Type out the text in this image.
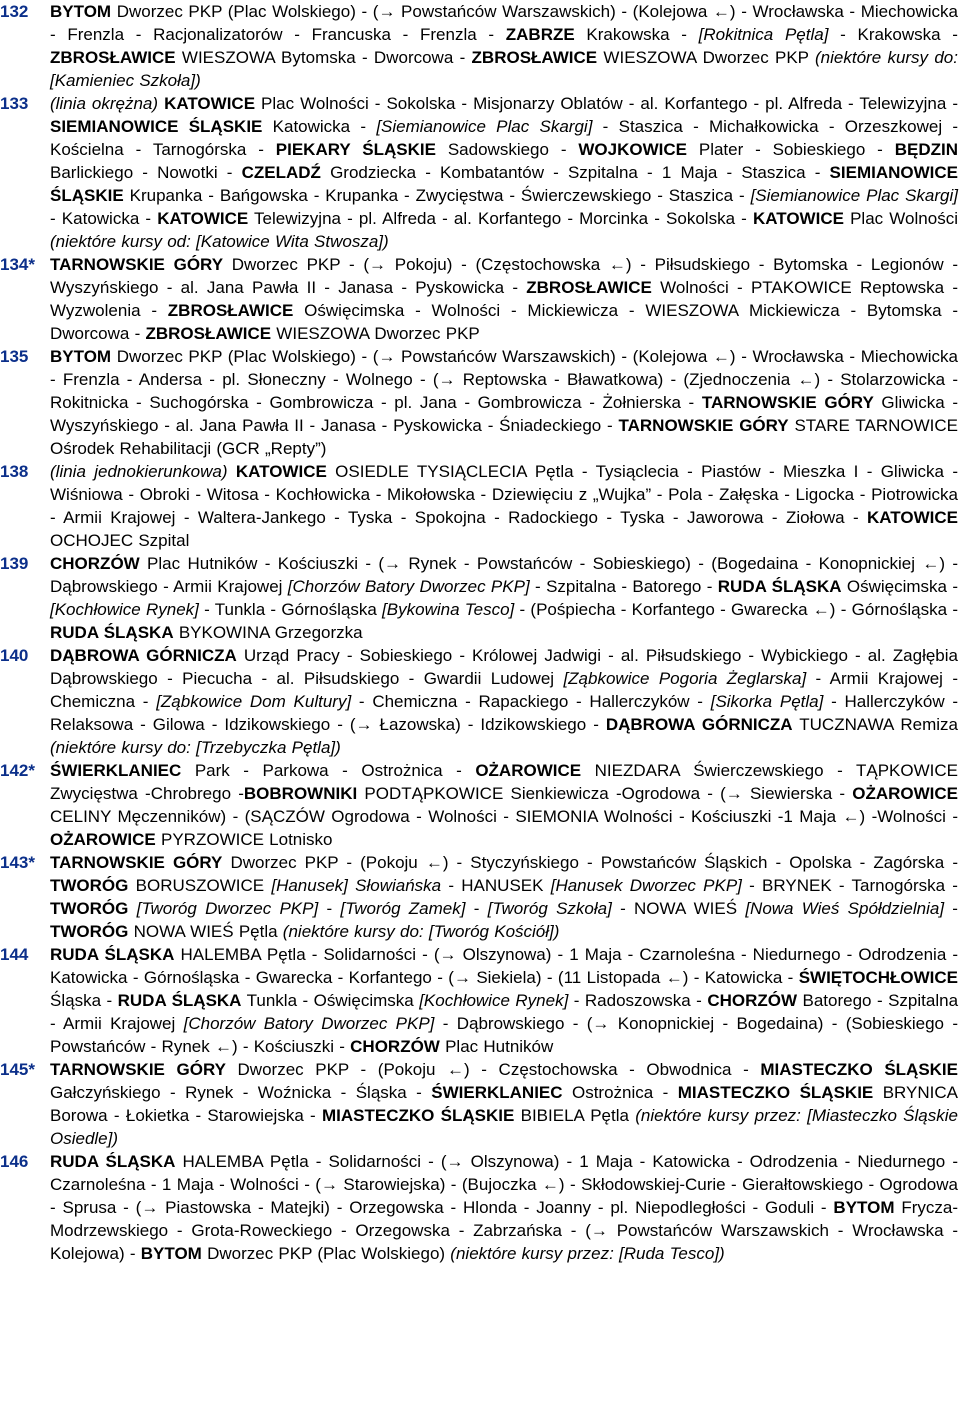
132	BYTOM Dworzec PKP (Plac Wolskiego) - (→ Powstańców Warszawskich) - (Kolejowa ←) - Wrocławska - Miechowicka - Frenzla - Racjonalizatorów - Francuska - Frenzla - ZABRZE Krakowska - [Rokitnica Pętla] - Krakowska - ZBROSŁAWICE WIESZOWA Bytomska - Dworcowa - ZBROSŁAWICE WIESZOWA Dworzec PKP (niektóre kursy do: [Kamieniec Szkoła])
133	(linia okrężna) KATOWICE Plac Wolności - Sokolska - Misjonarzy Oblatów - al. Korfantego - pl. Alfreda - Telewizyjna - SIEMIANOWICE ŚLĄSKIE Katowicka - [Siemianowice Plac Skargi] - Staszica - Michałkowicka - Orzeszkowej - Kościelna - Tarnogórska - PIEKARY ŚLĄSKIE Sadowskiego - WOJKOWICE Plater - Sobieskiego - BĘDZIN Barlickiego - Nowotki - CZELADŹ Grodziecka - Kombatantów - Szpitalna - 1 Maja - Staszica - SIEMIANOWICE ŚLĄSKIE Krupanka - Bańgowska - Krupanka - Zwycięstwa - Świerczewskiego - Staszica - [Siemianowice Plac Skargi] - Katowicka - KATOWICE Telewizyjna - pl. Alfreda - al. Korfantego - Morcinka - Sokolska - KATOWICE Plac Wolności (niektóre kursy od: [Katowice Wita Stwosza])
134* TARNOWSKIE GÓRY Dworzec PKP - (→ Pokoju) - (Częstochowska ←) - Piłsudskiego - Bytomska - Legionów - Wyszyńskiego - al. Jana Pawła II - Janasa - Pyskowicka - ZBROSŁAWICE Wolności - PTAKOWICE Reptowska - Wyzwolenia - ZBROSŁAWICE Oświęcimska - Wolności - Mickiewicza - WIESZOWA Mickiewicza - Bytomska - Dworcowa - ZBROSŁAWICE WIESZOWA Dworzec PKP
135	BYTOM Dworzec PKP (Plac Wolskiego) - (→ Powstańców Warszawskich) - (Kolejowa ←) - Wrocławska - Miechowicka - Frenzla - Andersa - pl. Słoneczny - Wolnego - (→ Reptowska - Bławatkowa) - (Zjednoczenia ←) - Stolarzowicka - Rokitnicka - Suchogórska - Gombrowicza - pl. Jana - Gombrowicza - Żołnierska - TARNOWSKIE GÓRY Gliwicka - Wyszyńskiego - al. Jana Pawła II - Janasa - Pyskowicka - Śniadeckiego - TARNOWSKIE GÓRY STARE TARNOWICE Ośrodek Rehabilitacji (GCR „Repty”)
138	(linia jednokierunkowa) KATOWICE OSIEDLE TYSIĄCLECIA Pętla - Tysiąclecia - Piastów - Mieszka I - Gliwicka - Wiśniowa - Obroki - Witosa - Kochłowicka - Mikołowska - Dziewięciu z „Wujka” - Pola - Załęska - Ligocka - Piotrowicka - Armii Krajowej - Waltera-Jankego - Tyska - Spokojna - Radockiego - Tyska - Jaworowa - Ziołowa - KATOWICE OCHOJEC Szpital
139	CHORZÓW Plac Hutników - Kościuszki - (→ Rynek - Powstańców - Sobieskiego) - (Bogedaina - Konopnickiej ←) - Dąbrowskiego - Armii Krajowej [Chorzów Batory Dworzec PKP] - Szpitalna - Batorego - RUDA ŚLĄSKA Oświęcimska - [Kochłowice Rynek] - Tunkla - Górnośląska [Bykowina Tesco] - (Pośpiecha - Korfantego - Gwarecka ←) - Górnośląska - RUDA ŚLĄSKA BYKOWINA Grzegorzka
140	DĄBROWA GÓRNICZA Urząd Pracy - Sobieskiego - Królowej Jadwigi - al. Piłsudskiego - Wybickiego - al. Zagłębia Dąbrowskiego - Piecucha - al. Piłsudskiego - Gwardii Ludowej [Ząbkowice Pogoria Żeglarska] - Armii Krajowej - Chemiczna - [Ząbkowice Dom Kultury] - Chemiczna - Rapackiego - Hallerczyków - [Sikorka Pętla] - Hallerczyków - Relaksowa - Gilowa - Idzikowskiego - (→ Łazowska) - Idzikowskiego - DĄBROWA GÓRNICZA TUCZNAWA Remiza (niektóre kursy do: [Trzebyczka Pętla])
142* ŚWIERKLANIEC Park - Parkowa - Ostrożnica - OŻAROWICE NIEZDARA Świerczewskiego - TĄPKOWICE Zwycięstwa -Chrobrego -BOBROWNIKI PODTĄPKOWICE Sienkiewicza -Ogrodowa - (→ Siewierska - OŻAROWICE CELINY Męczenników) - (SĄCZÓW Ogrodowa - Wolności - SIEMONIA Wolności - Kościuszki -1 Maja ←) -Wolności - OŻAROWICE PYRZOWICE Lotnisko
143* TARNOWSKIE GÓRY Dworzec PKP - (Pokoju ←) - Styczyńskiego - Powstańców Śląskich - Opolska - Zagórska - TWORÓG BORUSZOWICE [Hanusek] Słowiańska - HANUSEK [Hanusek Dworzec PKP] - BRYNEK - Tarnogórska - TWORÓG [Tworóg Dworzec PKP] - [Tworóg Zamek] - [Tworóg Szkoła] - NOWA WIEŚ [Nowa Wieś Spółdzielnia] - TWORÓG NOWA WIEŚ Pętla (niektóre kursy do: [Tworóg Kościół])
144	RUDA ŚLĄSKA HALEMBA Pętla - Solidarności - (→ Olszynowa) - 1 Maja - Czarnoleśna - Niedurnego - Odrodzenia - Katowicka - Górnośląska - Gwarecka - Korfantego - (→ Siekiela) - (11 Listopada ←) - Katowicka - ŚWIĘTOCHŁOWICE Śląska - RUDA ŚLĄSKA Tunkla - Oświęcimska [Kochłowice Rynek] - Radoszowska - CHORZÓW Batorego - Szpitalna - Armii Krajowej [Chorzów Batory Dworzec PKP] - Dąbrowskiego - (→ Konopnickiej - Bogedaina) - (Sobieskiego - Powstańców - Rynek ←) - Kościuszki - CHORZÓW Plac Hutników
145* TARNOWSKIE GÓRY Dworzec PKP - (Pokoju ←) - Częstochowska - Obwodnica - MIASTECZKO ŚLĄSKIE Gałczyńskiego - Rynek - Woźnicka - Śląska - ŚWIERKLANIEC Ostrożnica - MIASTECZKO ŚLĄSKIE BRYNICA Borowa - Łokietka - Starowiejska - MIASTECZKO ŚLĄSKIE BIBIELA Pętla (niektóre kursy przez: [Miasteczko Śląskie Osiedle])
146	RUDA ŚLĄSKA HALEMBA Pętla - Solidarności - (→ Olszynowa) - 1 Maja - Katowicka - Odrodzenia - Niedurnego - Czarnoleśna - 1 Maja - Wolności - (→ Starowiejska) - (Bujoczka ←) - Skłodowskiej-Curie - Gierałtowskiego - Ogrodowa - Sprusa - (→ Piastowska - Matejki) - Orzegowska - Hlonda - Joanny - pl. Niepodległości - Goduli - BYTOM Frycza-Modrzewskiego - Grota-Roweckiego - Orzegowska - Zabrzańska - (→ Powstańców Warszawskich - Wrocławska - Kolejowa) - BYTOM Dworzec PKP (Plac Wolskiego) (niektóre kursy przez: [Ruda Tesco])
